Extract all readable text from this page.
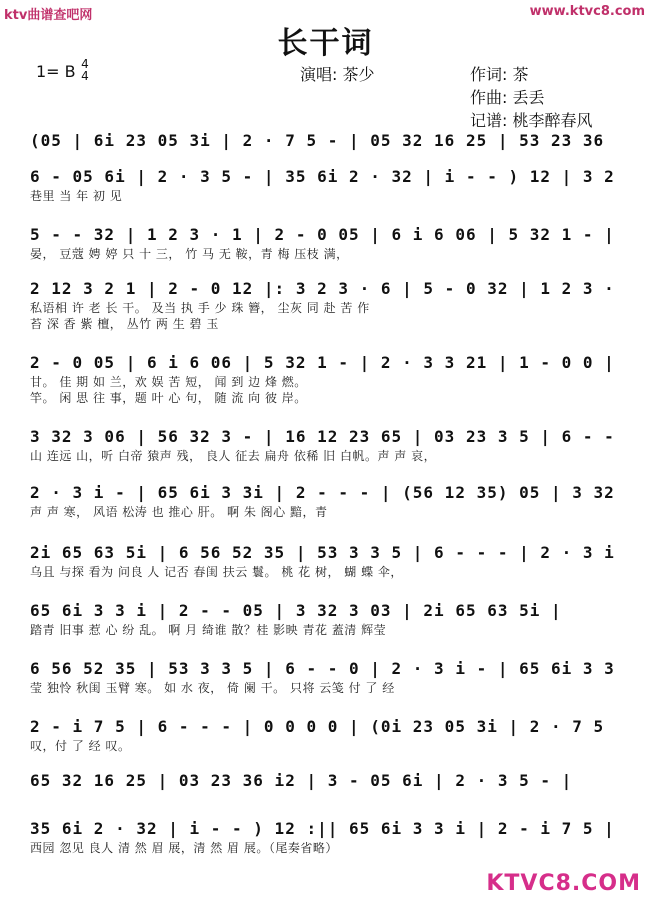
ktv曲谱查吧网	www.ktvc8.com
长干词
1= B 4
4	演唱: 茶少	作词: 茶
作曲: 丢丢
记谱: 桃李醉春风
(05 | 6i 23 05 3i | 2 · 7 5 - | 05 32 16 25 | 53 23 36
6 - 05 6i | 2 · 3 5 - | 35 6i 2 · 32 | i - - ) 12 | 3 2
巷里 当 年 初 见
5 - - 32 | 1 2 3 · 1 | 2 - 0 05 | 6 i 6 06 | 5 32 1 - |
晏， 豆蔻 娉 婷 只 十 三， 竹 马 无 鞍，青 梅 压枝 满，
2 12 3 2 1 | 2 - 0 12 |: 3 2 3 · 6 | 5 - 0 32 | 1 2 3 ·
私语相 许 老 长 干。 及当 执 手 少 珠 簪， 尘灰 同 赴 苦 作
苔 深 香 紫 檀， 丛竹 两 生 碧 玉
2 - 0 05 | 6 i 6 06 | 5 32 1 - | 2 · 3 3 21 | 1 - 0 0 |
甘。 佳 期 如 兰，欢 娱 苦 短， 闻 到 边 烽 燃。
竿。 闲 思 往 事，题 叶 心 句， 随 流 向 彼 岸。
3 32 3 06 | 56 32 3 - | 16 12 23 65 | 03 23 3 5 | 6 - -
山 连远 山，听 白帝 猿声 残， 良人 征去 扁舟 依稀 旧 白帆。声 声 哀，
2 · 3 i - | 65 6i 3 3i | 2 - - - | (56 12 35) 05 | 3 32
声 声 寒， 风语 松涛 也 推心 肝。 啊 朱 阁心 黯，青
2i 65 63 5i | 6 56 52 35 | 53 3 3 5 | 6 - - - | 2 · 3 i
乌且 与探 看为 问良 人 记否 春闺 扶云 鬟。 桃 花 树， 蝴 蝶 伞，
65 6i 3 3 i | 2 - - 05 | 3 32 3 03 | 2i 65 63 5i |
踏青 旧事 惹 心 纷 乱。 啊 月 绮谁 散？桂 影映 青花 蓋清 辉莹
6 56 52 35 | 53 3 3 5 | 6 - - 0 | 2 · 3 i - | 65 6i 3 3
莹 独怜 秋闺 玉臂 寒。 如 水 夜， 倚 阑 干。 只将 云笺 付 了 经
2 - i 7 5 | 6 - - - | 0 0 0 0 | (0i 23 05 3i | 2 · 7 5
叹，付 了 经 叹。
65 32 16 25 | 03 23 36 i2 | 3 - 05 6i | 2 · 3 5 - |
35 6i 2 · 32 | i - - ) 12 :|| 65 6i 3 3 i | 2 - i 7 5 |
西园 忽见 良人 清 然 眉 展，清 然 眉 展。（尾奏省略）
KTVC8.COM
